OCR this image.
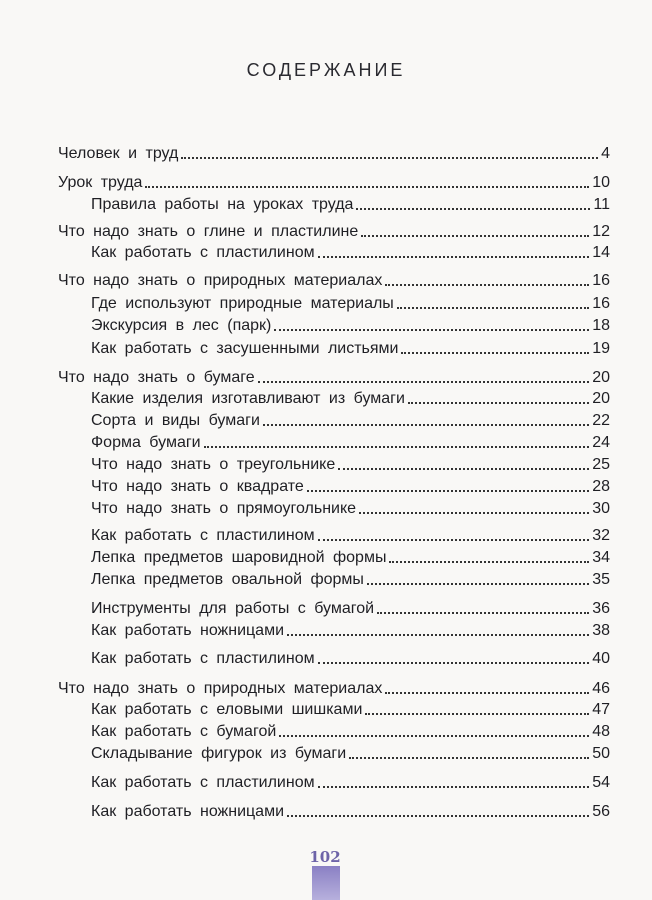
СОДЕРЖАНИЕ
Человек и труд	4
Урок труда	10
Правила работы на уроках труда	11
Что надо знать о глине и пластилине	12
Как работать с пластилином	14
Что надо знать о природных материалах	16
Где используют природные материалы	16
Экскурсия в лес (парк)	18
Как работать с засушенными листьями	19
Что надо знать о бумаге	20
Какие изделия изготавливают из бумаги	20
Сорта и виды бумаги	22
Форма бумаги	24
Что надо знать о треугольнике	25
Что надо знать о квадрате	28
Что надо знать о прямоугольнике	30
Как работать с пластилином	32
Лепка предметов шаровидной формы	34
Лепка предметов овальной формы	35
Инструменты для работы с бумагой	36
Как работать ножницами	38
Как работать с пластилином	40
Что надо знать о природных материалах	46
Как работать с еловыми шишками	47
Как работать с бумагой	48
Складывание фигурок из бумаги	50
Как работать с пластилином	54
Как работать ножницами	56
102
